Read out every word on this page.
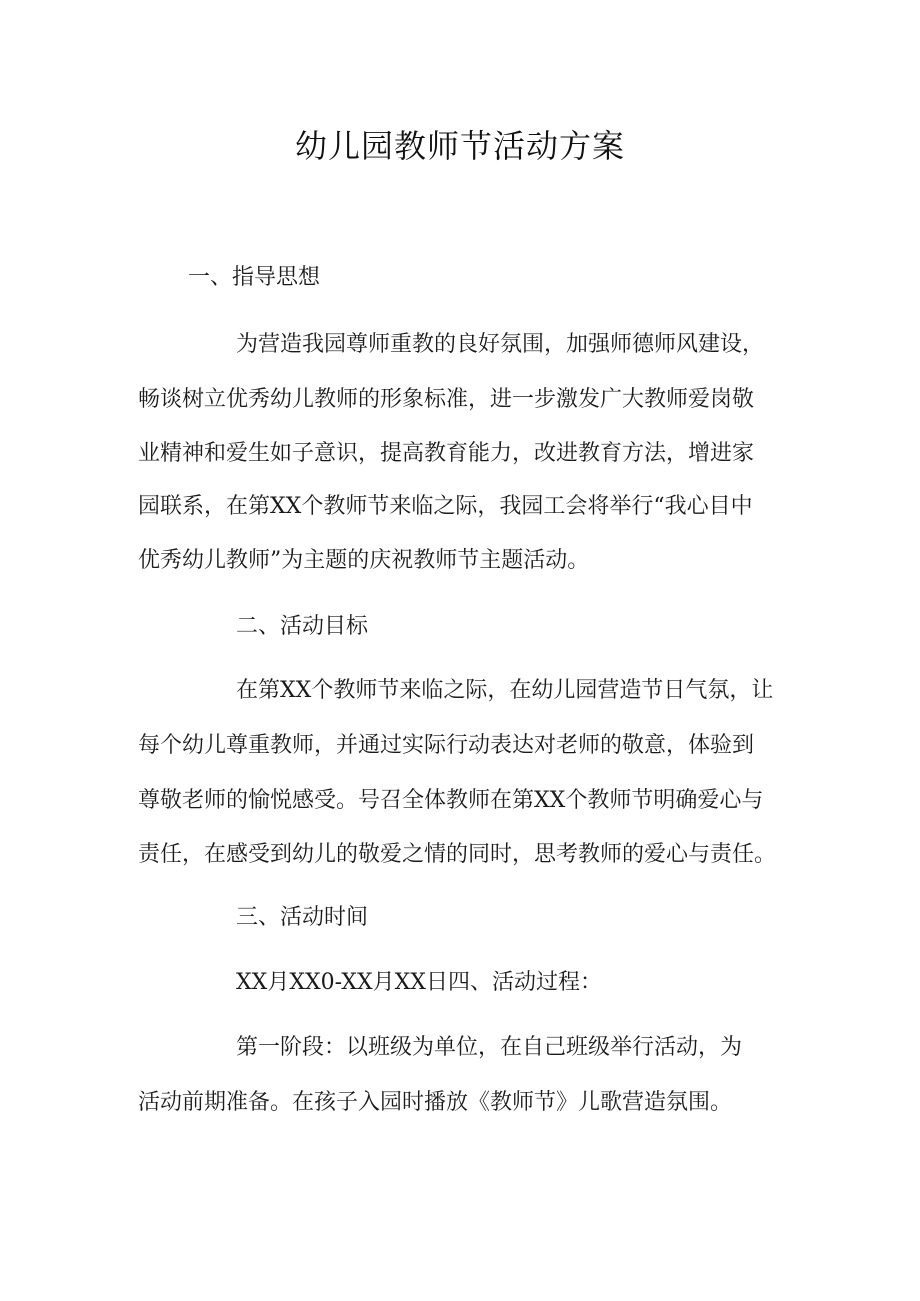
幼儿园教师节活动方案
一、指导思想

为营造我园尊师重教的良好氛围，加强师德师风建设，

畅谈树立优秀幼儿教师的形象标准，进一步激发广大教师爱岗敬

业精神和爱生如子意识，提高教育能力，改进教育方法，增进家

园联系，在第XX个教师节来临之际，我园工会将举行“我心目中

优秀幼儿教师”为主题的庆祝教师节主题活动。

二、活动目标

在第XX个教师节来临之际，在幼儿园营造节日气氛，让

每个幼儿尊重教师，并通过实际行动表达对老师的敬意，体验到

尊敬老师的愉悦感受。号召全体教师在第XX个教师节明确爱心与

责任，在感受到幼儿的敬爱之情的同时，思考教师的爱心与责任。

三、活动时间

XX月XX0-XX月XX日四、活动过程：

第一阶段：以班级为单位，在自己班级举行活动，为

活动前期准备。在孩子入园时播放《教师节》儿歌营造氛围。
